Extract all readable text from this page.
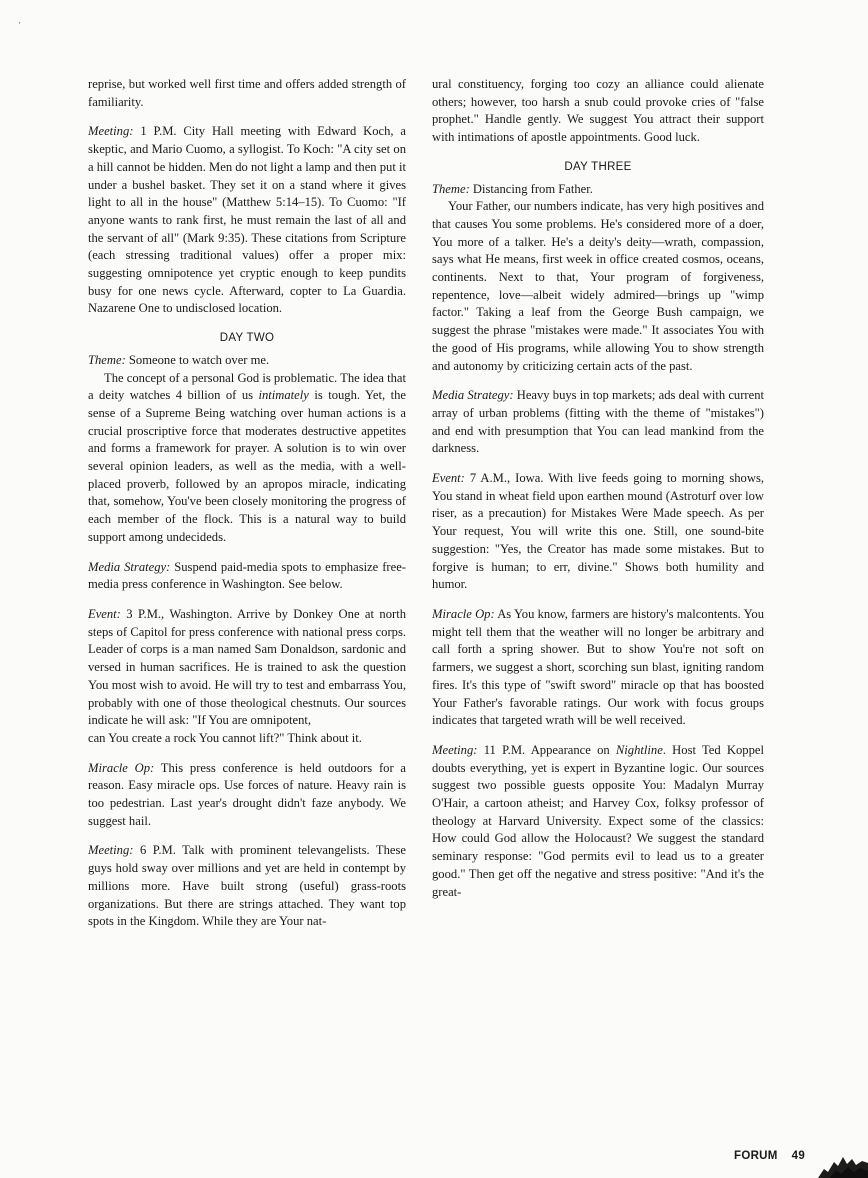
⋅

reprise, but worked well first time and offers added strength of familiarity.

Meeting: 1 P.M. City Hall meeting with Edward Koch, a skeptic, and Mario Cuomo, a syllogist. To Koch: "A city set on a hill cannot be hidden. Men do not light a lamp and then put it under a bushel basket. They set it on a stand where it gives light to all in the house" (Matthew 5:14–15). To Cuomo: "If anyone wants to rank first, he must remain the last of all and the servant of all" (Mark 9:35). These citations from Scripture (each stressing traditional values) offer a proper mix: suggesting omnipotence yet cryptic enough to keep pundits busy for one news cycle. Afterward, copter to La Guardia. Nazarene One to undisclosed location.

DAY TWO

Theme: Someone to watch over me.

The concept of a personal God is problematic. The idea that a deity watches 4 billion of us intimately is tough. Yet, the sense of a Supreme Being watching over human actions is a crucial proscriptive force that moderates destructive appetites and forms a framework for prayer. A solution is to win over several opinion leaders, as well as the media, with a well-placed proverb, followed by an apropos miracle, indicating that, somehow, You've been closely monitoring the progress of each member of the flock. This is a natural way to build support among undecideds.

Media Strategy: Suspend paid-media spots to emphasize free-media press conference in Washington. See below.

Event: 3 P.M., Washington. Arrive by Donkey One at north steps of Capitol for press conference with national press corps. Leader of corps is a man named Sam Donaldson, sardonic and versed in human sacrifices. He is trained to ask the question You most wish to avoid. He will try to test and embarrass You, probably with one of those theological chestnuts. Our sources indicate he will ask: "If You are omnipotent,

can You create a rock You cannot lift?" Think about it.

Miracle Op: This press conference is held outdoors for a reason. Easy miracle ops. Use forces of nature. Heavy rain is too pedestrian. Last year's drought didn't faze anybody. We suggest hail.

Meeting: 6 P.M. Talk with prominent televangelists. These guys hold sway over millions and yet are held in contempt by millions more. Have built strong (useful) grass-roots organizations. But there are strings attached. They want top spots in the Kingdom. While they are Your nat-

ural constituency, forging too cozy an alliance could alienate others; however, too harsh a snub could provoke cries of "false prophet." Handle gently. We suggest You attract their support with intimations of apostle appointments. Good luck.

DAY THREE

Theme: Distancing from Father.

Your Father, our numbers indicate, has very high positives and that causes You some problems. He's considered more of a doer, You more of a talker. He's a deity's deity—wrath, compassion, says what He means, first week in office created cosmos, oceans, continents. Next to that, Your program of forgiveness, repentence, love—albeit widely admired—brings up "wimp factor." Taking a leaf from the George Bush campaign, we suggest the phrase "mistakes were made." It associates You with the good of His programs, while allowing You to show strength and autonomy by criticizing certain acts of the past.

Media Strategy: Heavy buys in top markets; ads deal with current array of urban problems (fitting with the theme of "mistakes") and end with presumption that You can lead mankind from the darkness.

Event: 7 A.M., Iowa. With live feeds going to morning shows, You stand in wheat field upon earthen mound (Astroturf over low riser, as a precaution) for Mistakes Were Made speech. As per Your request, You will write this one. Still, one sound-bite suggestion: "Yes, the Creator has made some mistakes. But to forgive is human; to err, divine." Shows both humility and humor.

Miracle Op: As You know, farmers are history's malcontents. You might tell them that the weather will no longer be arbitrary and call forth a spring shower. But to show You're not soft on farmers, we suggest a short, scorching sun blast, igniting random fires. It's this type of "swift sword" miracle op that has boosted Your Father's favorable ratings. Our work with focus groups indicates that targeted wrath will be well received.

Meeting: 11 P.M. Appearance on Nightline. Host Ted Koppel doubts everything, yet is expert in Byzantine logic. Our sources suggest two possible guests opposite You: Madalyn Murray O'Hair, a cartoon atheist; and Harvey Cox, folksy professor of theology at Harvard University. Expect some of the classics: How could God allow the Holocaust? We suggest the standard seminary response: "God permits evil to lead us to a greater good." Then get off the negative and stress positive: "And it's the great-

FORUM 49
